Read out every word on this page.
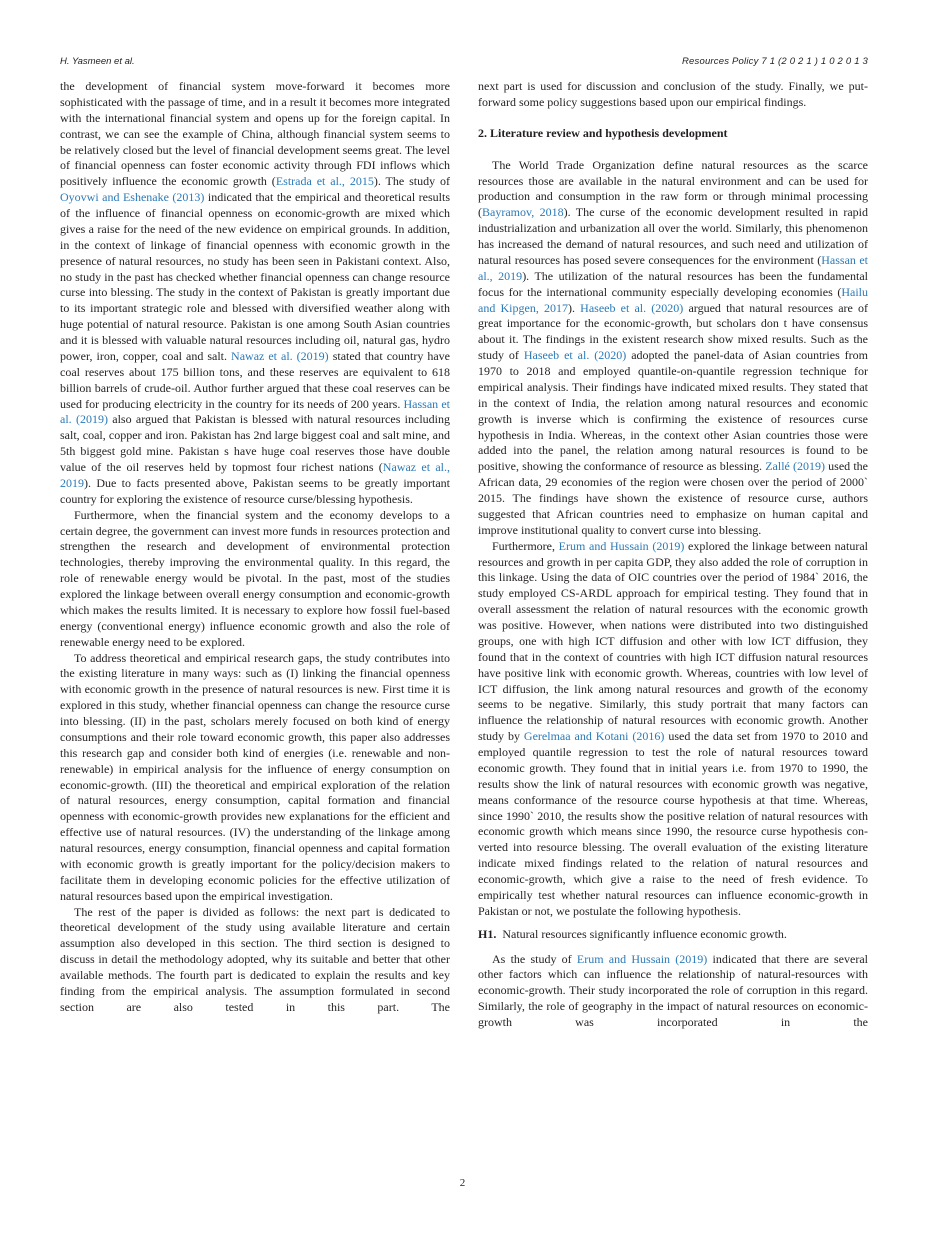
H. Yasmeen et al.	Resources Policy 7 1 (2 0 2 1 ) 1 0 2 0 1 3

the development of financial system move-forward it becomes more sophisticated with the passage of time, and in a result it becomes more integrated with the international financial system and opens up for the foreign capital. In contrast, we can see the example of China, although financial system seems to be relatively closed but the level of financial development seems great. The level of financial openness can foster economic activity through FDI inflows which positively influence the economic growth (Estrada et al., 2015). The study of Oyovwi and Eshenake (2013) indicated that the empirical and theoretical results of the influence of financial openness on economic-growth are mixed which gives a raise for the need of the new evidence on empirical grounds. In addition, in the context of linkage of financial openness with economic growth in the presence of natural resources, no study has been seen in Pakistani context. Also, no study in the past has checked whether financial openness can change resource curse into blessing. The study in the context of Pakistan is greatly important due to its important strategic role and blessed with diversified weather along with huge potential of natural resource. Pakistan is one among South Asian countries and it is blessed with valuable natural resources including oil, natural gas, hydro power, iron, copper, coal and salt. Nawaz et al. (2019) stated that country have coal reserves about 175 billion tons, and these reserves are equivalent to 618 billion barrels of crude-oil. Author further argued that these coal reserves can be used for producing electricity in the country for its needs of 200 years. Hassan et al. (2019) also argued that Pakistan is blessed with natural resources including salt, coal, copper and iron. Pakistan has 2nd large biggest coal and salt mine, and 5th biggest gold mine. Pakistan s have huge coal reserves those have double value of the oil reserves held by topmost four richest nations (Nawaz et al., 2019). Due to facts presented above, Pakistan seems to be greatly important country for exploring the existence of resource curse/blessing hypothesis.

Furthermore, when the financial system and the economy develops to a certain degree, the government can invest more funds in resources protection and strengthen the research and development of environmental protection technologies, thereby improving the environmental quality. In this regard, the role of renewable energy would be pivotal. In the past, most of the studies explored the linkage between overall energy consumption and economic-growth which makes the results limited. It is necessary to explore how fossil fuel-based energy (conventional energy) influence economic growth and also the role of renewable energy need to be explored.

To address theoretical and empirical research gaps, the study contributes into the existing literature in many ways: such as (I) linking the financial openness with economic growth in the presence of natural resources is new. First time it is explored in this study, whether financial openness can change the resource curse into blessing. (II) in the past, scholars merely focused on both kind of energy consumptions and their role toward economic growth, this paper also addresses this research gap and consider both kind of energies (i.e. renewable and non-renewable) in empirical analysis for the influence of energy consumption on economic-growth. (III) the theoretical and empirical exploration of the relation of natural resources, energy consumption, capital formation and financial openness with economic-growth provides new explanations for the efficient and effective use of natural resources. (IV) the understanding of the linkage among natural resources, energy consumption, financial openness and capital formation with economic growth is greatly important for the policy/decision makers to facilitate them in developing economic policies for the effective utilization of natural resources based upon the empirical investigation.

The rest of the paper is divided as follows: the next part is dedicated to theoretical development of the study using available literature and certain assumption also developed in this section. The third section is designed to discuss in detail the methodology adopted, why its suitable and better that other available methods. The fourth part is dedicated to explain the results and key finding from the empirical analysis. The assumption formulated in second section are also tested in this part. The

next part is used for discussion and conclusion of the study. Finally, we put-forward some policy suggestions based upon our empirical findings.

2. Literature review and hypothesis development

The World Trade Organization define natural resources as the scarce resources those are available in the natural environment and can be used for production and consumption in the raw form or through minimal processing (Bayramov, 2018). The curse of the economic development resulted in rapid industrialization and urbanization all over the world. Similarly, this phenomenon has increased the demand of natural resources, and such need and utilization of natural resources has posed severe consequences for the environment (Hassan et al., 2019). The utilization of the natural resources has been the fundamental focus for the international community especially developing economies (Hailu and Kipgen, 2017). Haseeb et al. (2020) argued that natural resources are of great importance for the economic-growth, but scholars don t have consensus about it. The findings in the existent research show mixed results. Such as the study of Haseeb et al. (2020) adopted the panel-data of Asian countries from 1970 to 2018 and employed quantile-on-quantile regression technique for empirical analysis. Their findings have indicated mixed results. They stated that in the context of India, the relation among natural resources and economic growth is inverse which is confirming the existence of resources curse hypothesis in India. Whereas, in the context other Asian countries those were added into the panel, the relation among natural resources is found to be positive, showing the conformance of resource as blessing. Zallé (2019) used the African data, 29 economies of the region were chosen over the period of 2000` 2015. The findings have shown the existence of resource curse, authors suggested that African countries need to emphasize on human capital and improve institutional quality to convert curse into blessing.

Furthermore, Erum and Hussain (2019) explored the linkage between natural resources and growth in per capita GDP, they also added the role of corruption in this linkage. Using the data of OIC countries over the period of 1984` 2016, the study employed CS-ARDL approach for empirical testing. They found that in overall assessment the relation of natural resources with the economic growth was positive. However, when nations were distributed into two distinguished groups, one with high ICT diffusion and other with low ICT diffusion, they found that in the context of countries with high ICT diffusion natural resources have positive link with economic growth. Whereas, countries with low level of ICT diffusion, the link among natural resources and growth of the economy seems to be negative. Similarly, this study portrait that many factors can influence the relationship of natural resources with economic growth. Another study by Gerelmaa and Kotani (2016) used the data set from 1970 to 2010 and employed quantile regression to test the role of natural resources toward economic growth. They found that in initial years i.e. from 1970 to 1990, the results show the link of natural resources with economic growth was negative, means conformance of the resource course hypothesis at that time. Whereas, since 1990` 2010, the results show the positive relation of natural resources with economic growth which means since 1990, the resource curse hypothesis converted into resource blessing. The overall evaluation of the existing literature indicate mixed findings related to the relation of natural resources and economic-growth, which give a raise to the need of fresh evidence. To empirically test whether natural resources can influence economic-growth in Pakistan or not, we postulate the following hypothesis.

H1. Natural resources significantly influence economic growth.

As the study of Erum and Hussain (2019) indicated that there are several other factors which can influence the relationship of natural-resources with economic-growth. Their study incorporated the role of corruption in this regard. Similarly, the role of geography in the impact of natural resources on economic-growth was incorporated in the

2
